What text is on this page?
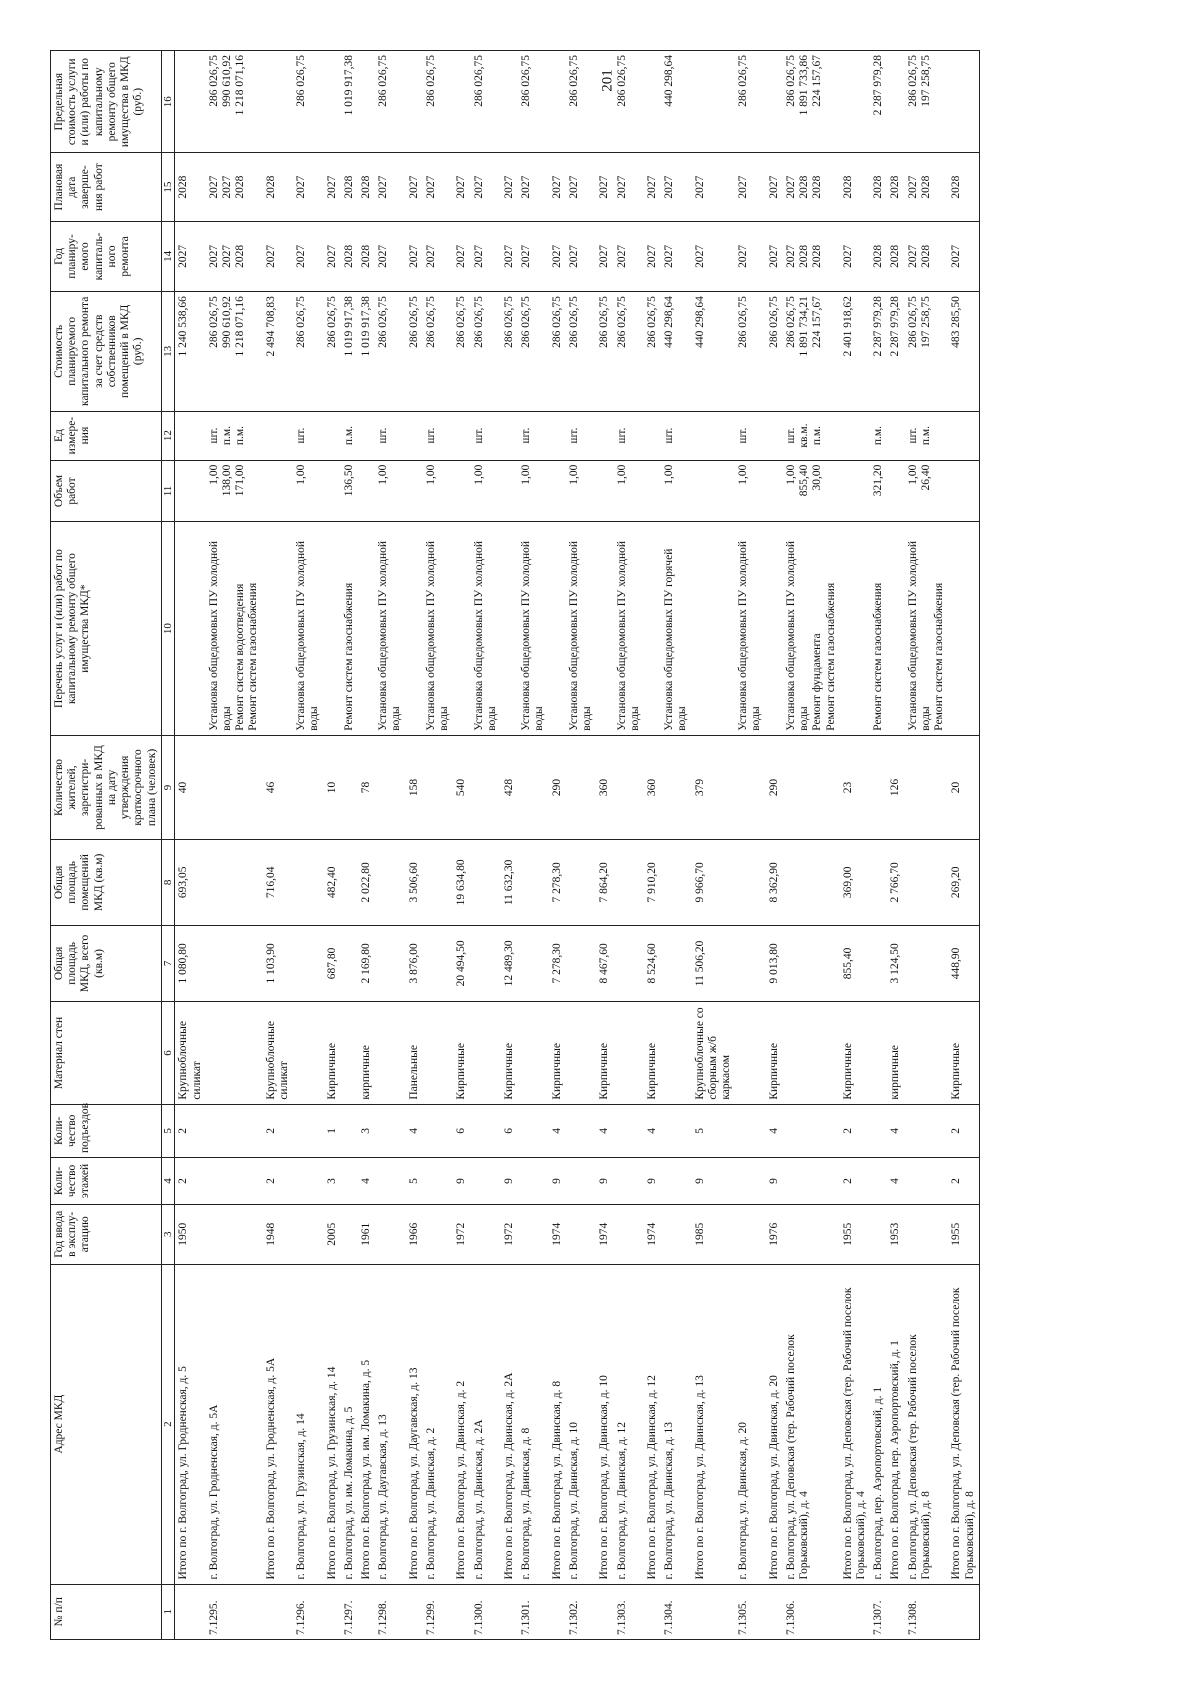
201
№ п/п	Адрес МКД	Год ввода в эксплу-атацию	Коли-чество этажей	Коли-чество подъездов	Материал стен	Общая площадь МКД, всего (кв.м)	Общая площадь помещений МКД (кв.м)	Количество жителей, зарегистри-рованных в МКД на дату утверждения краткосрочного плана (человек)	Перечень услуг и (или) работ по капитальному ремонту общего имущества МКД*	Объем работ	Ед измере-ния	Стоимость планируемого капитального ремонта за счет средств собственников помещений в МКД (руб.)	Год планиру-емого капиталь-ного ремонта	Плановая дата заверше-ния работ	Предельная стоимость услуги и (или) работы по капитальному ремонту общего имущества в МКД (руб.)
1	2	3	4	5	6	7	8	9	10	11	12	13	14	15	16
	Итого по г. Волгоград, ул. Гродненская, д. 5	1950	2	2	Крупноблочные силикат	1 080,80	693,05	40				1 240 538,66	2027	2028	

7.1295.	г. Волгоград, ул. Гродненская, д. 5А								Установка общедомовых ПУ холодной воды Ремонт систем водоотведения Ремонт систем газоснабжения	1,00 138,00 171,00	шт. п.м. п.м.	286 026,75 990 610,92 1 218 071,16	2027 2027 2028	2027 2027 2028	286 026,75 990 610,92 1 218 071,16

	Итого по г. Волгоград, ул. Гродненская, д. 5А	1948	2	2	Крупноблочные силикат	1 103,90	716,04	46				2 494 708,83	2027	2028	

7.1296.	г. Волгоград, ул. Грузинская, д. 14								Установка общедомовых ПУ холодной воды	1,00	шт.	286 026,75	2027	2027	286 026,75

	Итого по г. Волгоград, ул. Грузинская, д. 14	2005	3	1	Кирпичные	687,80	482,40	10				286 026,75	2027	2027	

7.1297.	г. Волгоград, ул. им. Ломакина, д. 5								Ремонт систем газоснабжения	136,50	п.м.	1 019 917,38	2028	2028	1 019 917,38

	Итого по г. Волгоград, ул. им. Ломакина, д. 5	1961	4	3	кирпичные	2 169,80	2 022,80	78				1 019 917,38	2028	2028	

7.1298.	г. Волгоград, ул. Даугавская, д. 13								Установка общедомовых ПУ холодной воды	1,00	шт.	286 026,75	2027	2027	286 026,75

	Итого по г. Волгоград, ул. Даугавская, д. 13	1966	5	4	Панельные	3 876,00	3 506,60	158				286 026,75	2027	2027	

7.1299.	г. Волгоград, ул. Двинская, д. 2								Установка общедомовых ПУ холодной воды	1,00	шт.	286 026,75	2027	2027	286 026,75

	Итого по г. Волгоград, ул. Двинская, д. 2	1972	9	6	Кирпичные	20 494,50	19 634,80	540				286 026,75	2027	2027	

7.1300.	г. Волгоград, ул. Двинская, д. 2А								Установка общедомовых ПУ холодной воды	1,00	шт.	286 026,75	2027	2027	286 026,75

	Итого по г. Волгоград, ул. Двинская, д. 2А	1972	9	6	Кирпичные	12 489,30	11 632,30	428				286 026,75	2027	2027	

7.1301.	г. Волгоград, ул. Двинская, д. 8								Установка общедомовых ПУ холодной воды	1,00	шт.	286 026,75	2027	2027	286 026,75

	Итого по г. Волгоград, ул. Двинская, д. 8	1974	9	4	Кирпичные	7 278,30	7 278,30	290				286 026,75	2027	2027	

7.1302.	г. Волгоград, ул. Двинская, д. 10								Установка общедомовых ПУ холодной воды	1,00	шт.	286 026,75	2027	2027	286 026,75

	Итого по г. Волгоград, ул. Двинская, д. 10	1974	9	4	Кирпичные	8 467,60	7 864,20	360				286 026,75	2027	2027	

7.1303.	г. Волгоград, ул. Двинская, д. 12								Установка общедомовых ПУ холодной воды	1,00	шт.	286 026,75	2027	2027	286 026,75

	Итого по г. Волгоград, ул. Двинская, д. 12	1974	9	4	Кирпичные	8 524,60	7 910,20	360				286 026,75	2027	2027	

7.1304.	г. Волгоград, ул. Двинская, д. 13								Установка общедомовых ПУ горячей воды	1,00	шт.	440 298,64	2027	2027	440 298,64

	Итого по г. Волгоград, ул. Двинская, д. 13	1985	9	5	Крупноблочные со сборным ж/б каркасом	11 506,20	9 966,70	379				440 298,64	2027	2027	

7.1305.	г. Волгоград, ул. Двинская, д. 20								Установка общедомовых ПУ холодной воды	1,00	шт.	286 026,75	2027	2027	286 026,75

	Итого по г. Волгоград, ул. Двинская, д. 20	1976	9	4	Кирпичные	9 013,80	8 362,90	290				286 026,75	2027	2027	

7.1306.	г. Волгоград, ул. Деповская (тер. Рабочий поселок Горьковский), д. 4								Установка общедомовых ПУ холодной воды Ремонт фундамента Ремонт систем газоснабжения	1,00 855,40 30,00	шт. кв.м. п.м.	286 026,75 1 891 734,21 224 157,67	2027 2028 2028	2027 2028 2028	286 026,75 1 891 733,86 224 157,67

	Итого по г. Волгоград, ул. Деповская (тер. Рабочий поселок Горьковский), д. 4	1955	2	2	Кирпичные	855,40	369,00	23				2 401 918,62	2027	2028	

7.1307.	г. Волгоград, пер. Аэропортовский, д. 1								Ремонт систем газоснабжения	321,20	п.м.	2 287 979,28	2028	2028	2 287 979,28

	Итого по г. Волгоград, пер. Аэропортовский, д. 1	1953	4	4	кирпичные	3 124,50	2 766,70	126				2 287 979,28	2028	2028	

7.1308.	г. Волгоград, ул. Деповская (тер. Рабочий поселок Горьковский), д. 8								Установка общедомовых ПУ холодной воды Ремонт систем газоснабжения	1,00 26,40	шт. п.м.	286 026,75 197 258,75	2027 2028	2027 2028	286 026,75 197 258,75

	Итого по г. Волгоград, ул. Деповская (тер. Рабочий поселок Горьковский), д. 8	1955	2	2	Кирпичные	448,90	269,20	20				483 285,50	2027	2028	
